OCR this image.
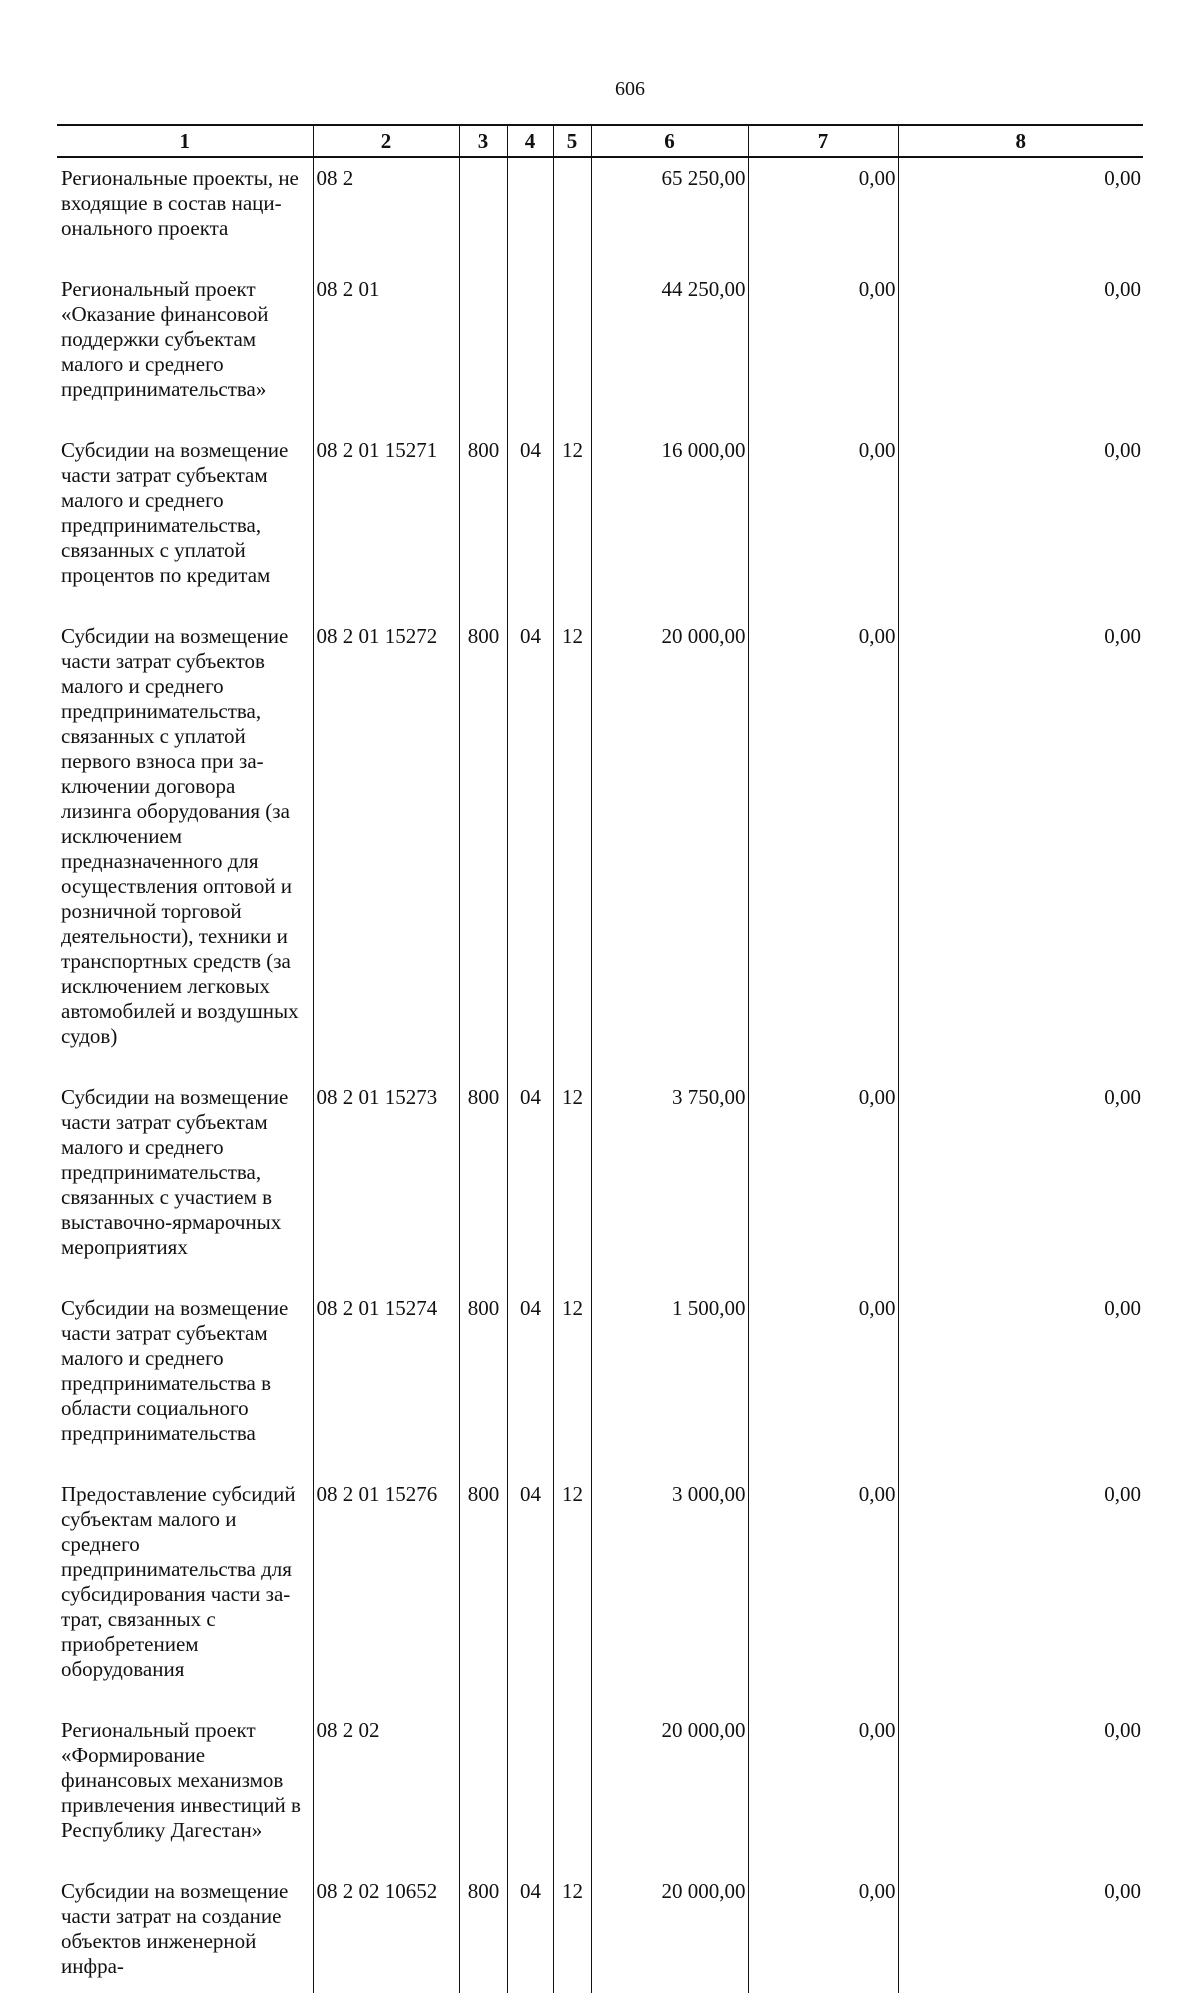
606
1	2	3	4	5	6	7	8
Региональные проекты, не входящие в состав национального проекта	08 2				65 250,00	0,00	0,00
Региональный проект «Оказание финансовой поддержки субъектам малого и среднего предпринимательства»	08 2 01				44 250,00	0,00	0,00
Субсидии на возмещение части затрат субъектам малого и среднего предпринимательства, связанных с уплатой процентов по кредитам	08 2 01 15271	800	04	12	16 000,00	0,00	0,00
Субсидии на возмещение части затрат субъектов малого и среднего предпринимательства, связанных с уплатой первого взноса при заключении договора лизинга оборудования (за исключением предназначенного для осуществления оптовой и розничной торговой деятельности), техники и транспортных средств (за исключением легковых автомобилей и воздушных судов)	08 2 01 15272	800	04	12	20 000,00	0,00	0,00
Субсидии на возмещение части затрат субъектам малого и среднего предпринимательства, связанных с участием в выставочно-ярмарочных мероприятиях	08 2 01 15273	800	04	12	3 750,00	0,00	0,00
Субсидии на возмещение части затрат субъектам малого и среднего предпринимательства в области социального предпринимательства	08 2 01 15274	800	04	12	1 500,00	0,00	0,00
Предоставление субсидий субъектам малого и среднего предпринимательства для субсидирования части затрат, связанных с приобретением оборудования	08 2 01 15276	800	04	12	3 000,00	0,00	0,00
Региональный проект «Формирование финансовых механизмов привлечения инвестиций в Республику Дагестан»	08 2 02				20 000,00	0,00	0,00
Субсидии на возмещение части затрат на создание объектов инженерной инфра-	08 2 02 10652	800	04	12	20 000,00	0,00	0,00
